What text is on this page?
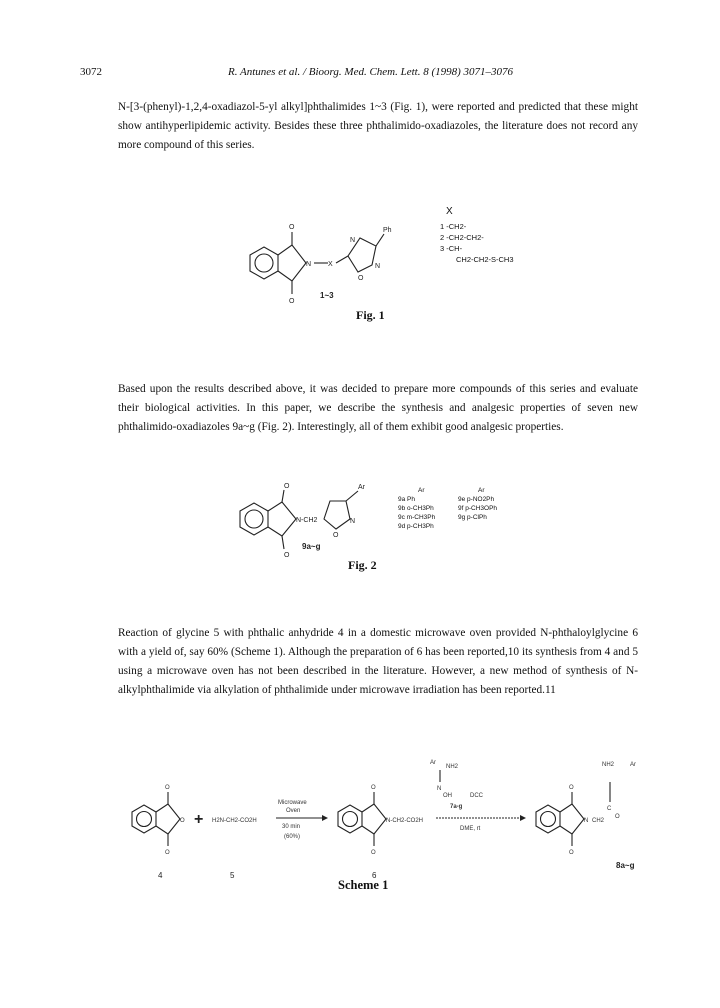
3072	R. Antunes et al. / Bioorg. Med. Chem. Lett. 8 (1998) 3071–3076
N-[3-(phenyl)-1,2,4-oxadiazol-5-yl alkyl]phthalimides 1~3 (Fig. 1), were reported and predicted that these might show antihyperlipidemic activity. Besides these three phthalimido-oxadiazoles, the literature does not record any more compound of this series.
O
O
N X
Ph
N
N
O
1~3
X
1 -CH2-
2 -CH2-CH2-
3 -CH-
CH2-CH2-S-CH3
Fig. 1
Based upon the results described above, it was decided to prepare more compounds of this series and evaluate their biological activities. In this paper, we describe the synthesis and analgesic properties of seven new phthalimido-oxadiazoles 9a~g (Fig. 2). Interestingly, all of them exhibit good analgesic properties.
O
O
N-CH2
Ar
N
O
9a~g
Ar
9a Ph
9b o-CH3Ph
9c m-CH3Ph
9d p-CH3Ph
Ar
9e p-NO2Ph
9f p-CH3OPh
9g p-ClPh
Fig. 2
Reaction of glycine 5 with phthalic anhydride 4 in a domestic microwave oven provided N-phthaloylglycine 6 with a yield of, say 60% (Scheme 1). Although the preparation of 6 has been reported,10 its synthesis from 4 and 5 using a microwave oven has not been described in the literature. However, a new method of synthesis of N-alkylphthalimide via alkylation of phthalimide under microwave irradiation has been reported.11
O
O
O
4
+ H2N-CH2-CO2H
5
Microwave
Oven
30 min
(60%)
O
O
N-CH2-CO2H
6
Ar
NH2
N
OH	DCC
7a-g
DME, rt
O
O
N CH2
C
O
NH2	Ar
8a~g
Scheme 1
